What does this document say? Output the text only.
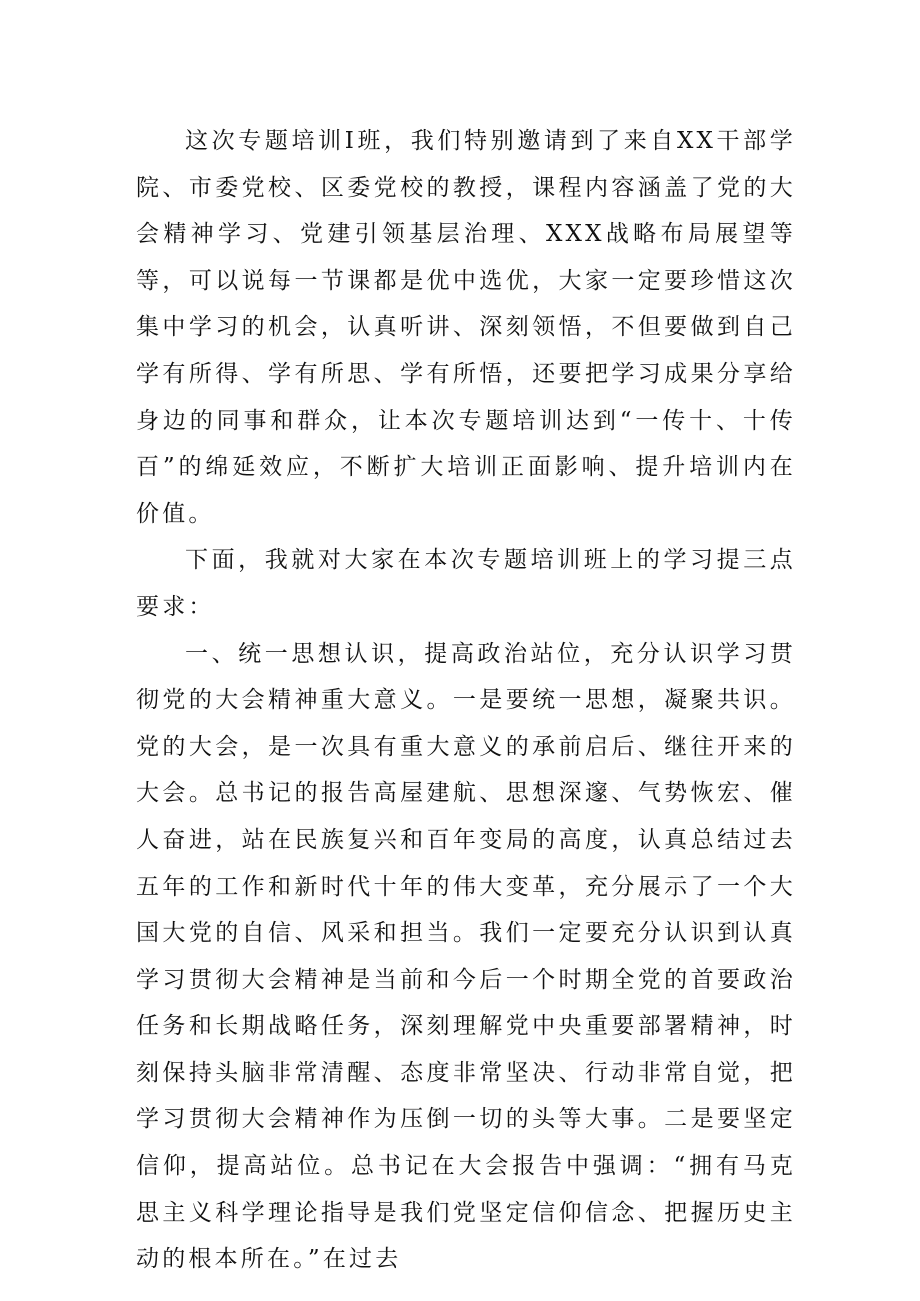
这次专题培训Ⅰ班，我们特别邀请到了来自XX干部学院、市委党校、区委党校的教授，课程内容涵盖了党的大会精神学习、党建引领基层治理、XXX战略布局展望等等，可以说每一节课都是优中选优，大家一定要珍惜这次集中学习的机会，认真听讲、深刻领悟，不但要做到自己学有所得、学有所思、学有所悟，还要把学习成果分享给身边的同事和群众，让本次专题培训达到“一传十、十传百”的绵延效应，不断扩大培训正面影响、提升培训内在价值。

下面，我就对大家在本次专题培训班上的学习提三点要求：

一、统一思想认识，提高政治站位，充分认识学习贯彻党的大会精神重大意义。一是要统一思想，凝聚共识。党的大会，是一次具有重大意义的承前启后、继往开来的大会。总书记的报告高屋建航、思想深邃、气势恢宏、催人奋进，站在民族复兴和百年变局的高度，认真总结过去五年的工作和新时代十年的伟大变革，充分展示了一个大国大党的自信、风采和担当。我们一定要充分认识到认真学习贯彻大会精神是当前和今后一个时期全党的首要政治任务和长期战略任务，深刻理解党中央重要部署精神，时刻保持头脑非常清醒、态度非常坚决、行动非常自觉，把学习贯彻大会精神作为压倒一切的头等大事。二是要坚定信仰，提高站位。总书记在大会报告中强调：“拥有马克思主义科学理论指导是我们党坚定信仰信念、把握历史主动的根本所在。”在过去
